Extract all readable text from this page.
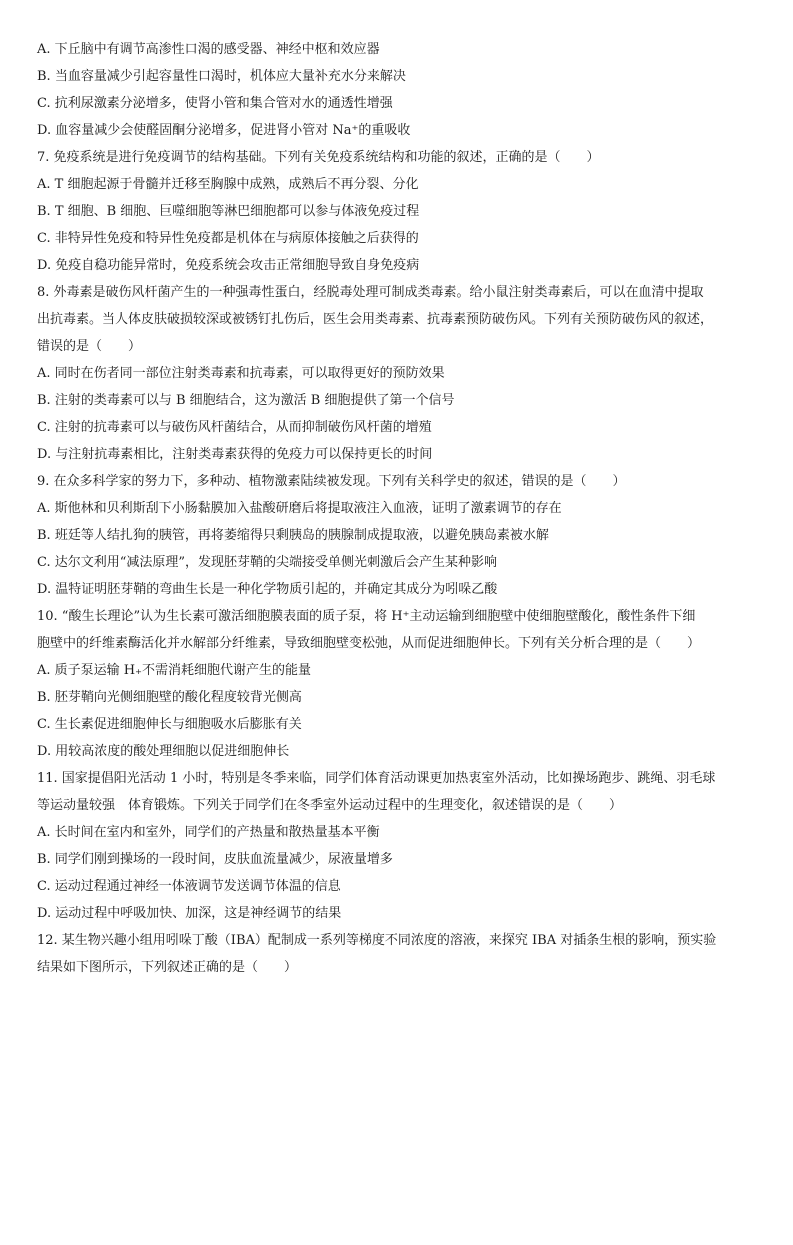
A. 下丘脑中有调节高渗性口渴的感受器、神经中枢和效应器
B. 当血容量减少引起容量性口渴时，机体应大量补充水分来解决
C. 抗利尿激素分泌增多，使肾小管和集合管对水的通透性增强
D. 血容量减少会使醛固酮分泌增多，促进肾小管对 Na⁺的重吸收
7. 免疫系统是进行免疫调节的结构基础。下列有关免疫系统结构和功能的叙述，正确的是（　　）
A. T 细胞起源于骨髓并迁移至胸腺中成熟，成熟后不再分裂、分化
B. T 细胞、B 细胞、巨噬细胞等淋巴细胞都可以参与体液免疫过程
C. 非特异性免疫和特异性免疫都是机体在与病原体接触之后获得的
D. 免疫自稳功能异常时，免疫系统会攻击正常细胞导致自身免疫病
8. 外毒素是破伤风杆菌产生的一种强毒性蛋白，经脱毒处理可制成类毒素。给小鼠注射类毒素后，可以在血清中提取
出抗毒素。当人体皮肤破损较深或被锈钉扎伤后，医生会用类毒素、抗毒素预防破伤风。下列有关预防破伤风的叙述，
错误的是（　　）
A. 同时在伤者同一部位注射类毒素和抗毒素，可以取得更好的预防效果
B. 注射的类毒素可以与 B 细胞结合，这为激活 B 细胞提供了第一个信号
C. 注射的抗毒素可以与破伤风杆菌结合，从而抑制破伤风杆菌的增殖
D. 与注射抗毒素相比，注射类毒素获得的免疫力可以保持更长的时间
9. 在众多科学家的努力下，多种动、植物激素陆续被发现。下列有关科学史的叙述，错误的是（　　）
A. 斯他林和贝利斯刮下小肠黏膜加入盐酸研磨后将提取液注入血液，证明了激素调节的存在
B. 班廷等人结扎狗的胰管，再将萎缩得只剩胰岛的胰腺制成提取液，以避免胰岛素被水解
C. 达尔文利用“减法原理”，发现胚芽鞘的尖端接受单侧光刺激后会产生某种影响
D. 温特证明胚芽鞘的弯曲生长是一种化学物质引起的，并确定其成分为吲哚乙酸
10. “酸生长理论”认为生长素可激活细胞膜表面的质子泵，将 H⁺主动运输到细胞壁中使细胞壁酸化，酸性条件下细
胞壁中的纤维素酶活化并水解部分纤维素，导致细胞壁变松弛，从而促进细胞伸长。下列有关分析合理的是（　　）
A. 质子泵运输 H₊不需消耗细胞代谢产生的能量
B. 胚芽鞘向光侧细胞壁的酸化程度较背光侧高
C. 生长素促进细胞伸长与细胞吸水后膨胀有关
D. 用较高浓度的酸处理细胞以促进细胞伸长
11. 国家提倡阳光活动 1 小时，特别是冬季来临，同学们体育活动课更加热衷室外活动，比如操场跑步、跳绳、羽毛球
等运动量较强　体育锻炼。下列关于同学们在冬季室外运动过程中的生理变化，叙述错误的是（　　）
A. 长时间在室内和室外，同学们的产热量和散热量基本平衡
B. 同学们刚到操场的一段时间，皮肤血流量减少，尿液量增多
C. 运动过程通过神经一体液调节发送调节体温的信息
D. 运动过程中呼吸加快、加深，这是神经调节的结果
12. 某生物兴趣小组用吲哚丁酸（IBA）配制成一系列等梯度不同浓度的溶液，来探究 IBA 对插条生根的影响，预实验
结果如下图所示，下列叙述正确的是（　　）
